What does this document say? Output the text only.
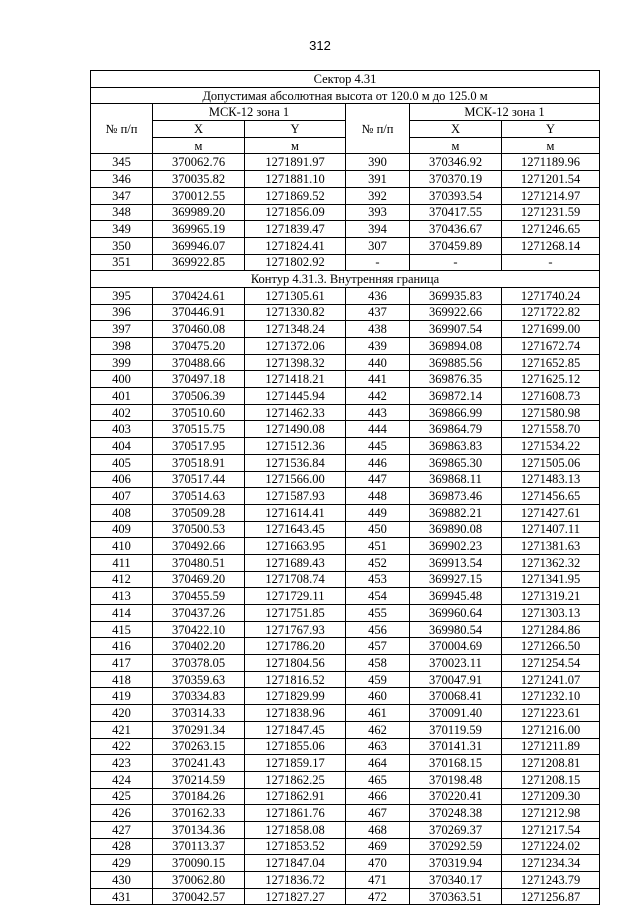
312
Сектор 4.31					
Допустимая абсолютная высота от 120.0 м до 125.0 м					
№ п/п	МСК-12 зона 1		№ п/п	МСК-12 зона 1	
	X	Y		X	Y
	м	м		м	м
345	370062.76	1271891.97	390	370346.92	1271189.96
346	370035.82	1271881.10	391	370370.19	1271201.54
347	370012.55	1271869.52	392	370393.54	1271214.97
348	369989.20	1271856.09	393	370417.55	1271231.59
349	369965.19	1271839.47	394	370436.67	1271246.65
350	369946.07	1271824.41	307	370459.89	1271268.14
351	369922.85	1271802.92	-	-	-
Контур 4.31.3. Внутренняя граница					
395	370424.61	1271305.61	436	369935.83	1271740.24
396	370446.91	1271330.82	437	369922.66	1271722.82
397	370460.08	1271348.24	438	369907.54	1271699.00
398	370475.20	1271372.06	439	369894.08	1271672.74
399	370488.66	1271398.32	440	369885.56	1271652.85
400	370497.18	1271418.21	441	369876.35	1271625.12
401	370506.39	1271445.94	442	369872.14	1271608.73
402	370510.60	1271462.33	443	369866.99	1271580.98
403	370515.75	1271490.08	444	369864.79	1271558.70
404	370517.95	1271512.36	445	369863.83	1271534.22
405	370518.91	1271536.84	446	369865.30	1271505.06
406	370517.44	1271566.00	447	369868.11	1271483.13
407	370514.63	1271587.93	448	369873.46	1271456.65
408	370509.28	1271614.41	449	369882.21	1271427.61
409	370500.53	1271643.45	450	369890.08	1271407.11
410	370492.66	1271663.95	451	369902.23	1271381.63
411	370480.51	1271689.43	452	369913.54	1271362.32
412	370469.20	1271708.74	453	369927.15	1271341.95
413	370455.59	1271729.11	454	369945.48	1271319.21
414	370437.26	1271751.85	455	369960.64	1271303.13
415	370422.10	1271767.93	456	369980.54	1271284.86
416	370402.20	1271786.20	457	370004.69	1271266.50
417	370378.05	1271804.56	458	370023.11	1271254.54
418	370359.63	1271816.52	459	370047.91	1271241.07
419	370334.83	1271829.99	460	370068.41	1271232.10
420	370314.33	1271838.96	461	370091.40	1271223.61
421	370291.34	1271847.45	462	370119.59	1271216.00
422	370263.15	1271855.06	463	370141.31	1271211.89
423	370241.43	1271859.17	464	370168.15	1271208.81
424	370214.59	1271862.25	465	370198.48	1271208.15
425	370184.26	1271862.91	466	370220.41	1271209.30
426	370162.33	1271861.76	467	370248.38	1271212.98
427	370134.36	1271858.08	468	370269.37	1271217.54
428	370113.37	1271853.52	469	370292.59	1271224.02
429	370090.15	1271847.04	470	370319.94	1271234.34
430	370062.80	1271836.72	471	370340.17	1271243.79
431	370042.57	1271827.27	472	370363.51	1271256.87
